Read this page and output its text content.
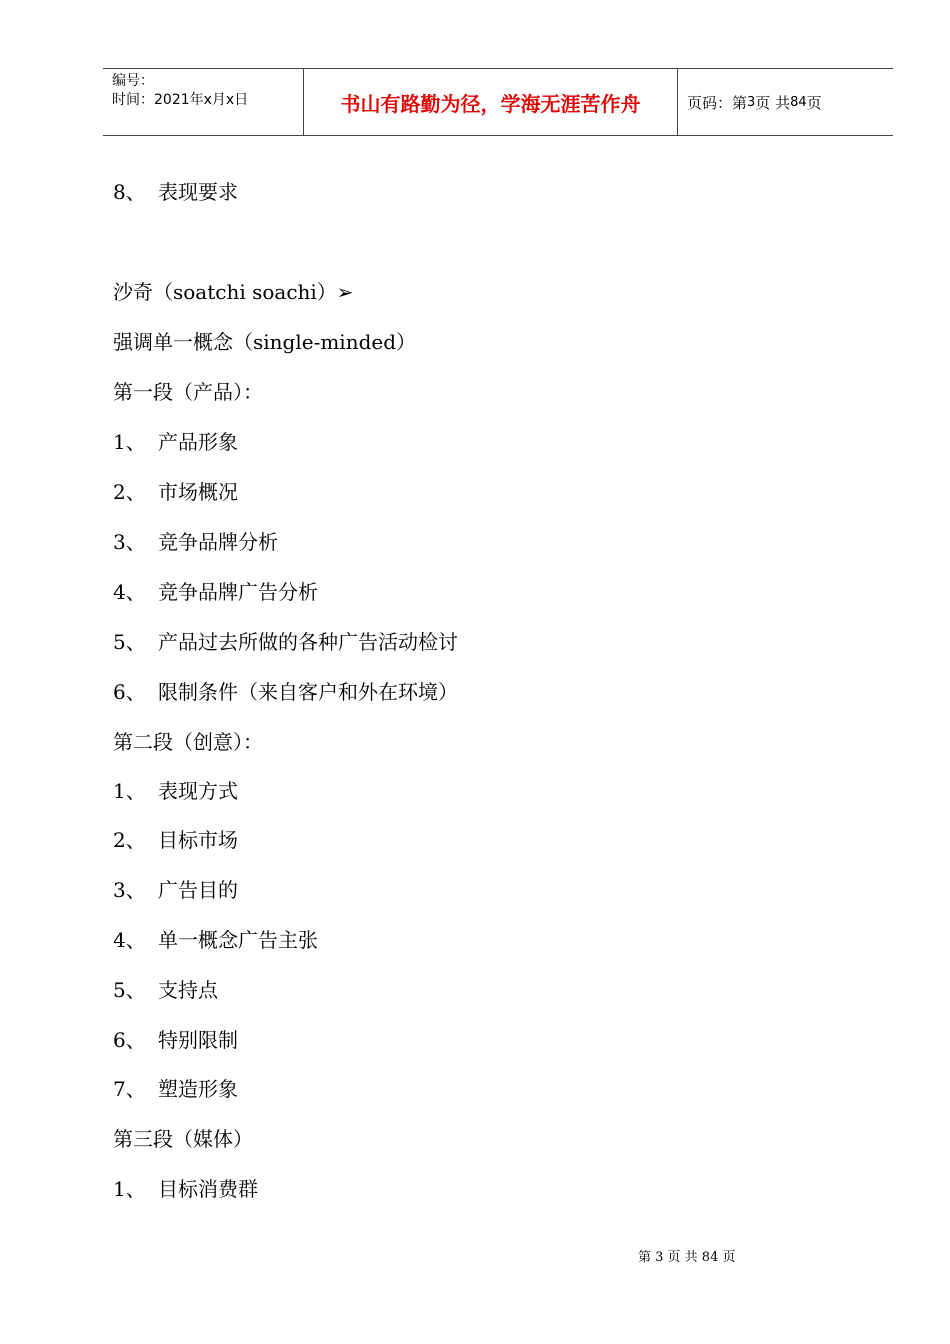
编号：
时间：2021年x月x日	书山有路勤为径，学海无涯苦作舟	页码：第 3 页 共 84 页
8、 表现要求
沙奇（soatchi soachi）➢
强调单一概念（single-minded）
第一段（产品）：
1、 产品形象
2、 市场概况
3、 竞争品牌分析
4、 竞争品牌广告分析
5、 产品过去所做的各种广告活动检讨
6、 限制条件（来自客户和外在环境）
第二段（创意）：
1、 表现方式
2、 目标市场
3、 广告目的
4、 单一概念广告主张
5、 支持点
6、 特别限制
7、 塑造形象
第三段（媒体）
1、 目标消费群
第 3 页 共 84 页
